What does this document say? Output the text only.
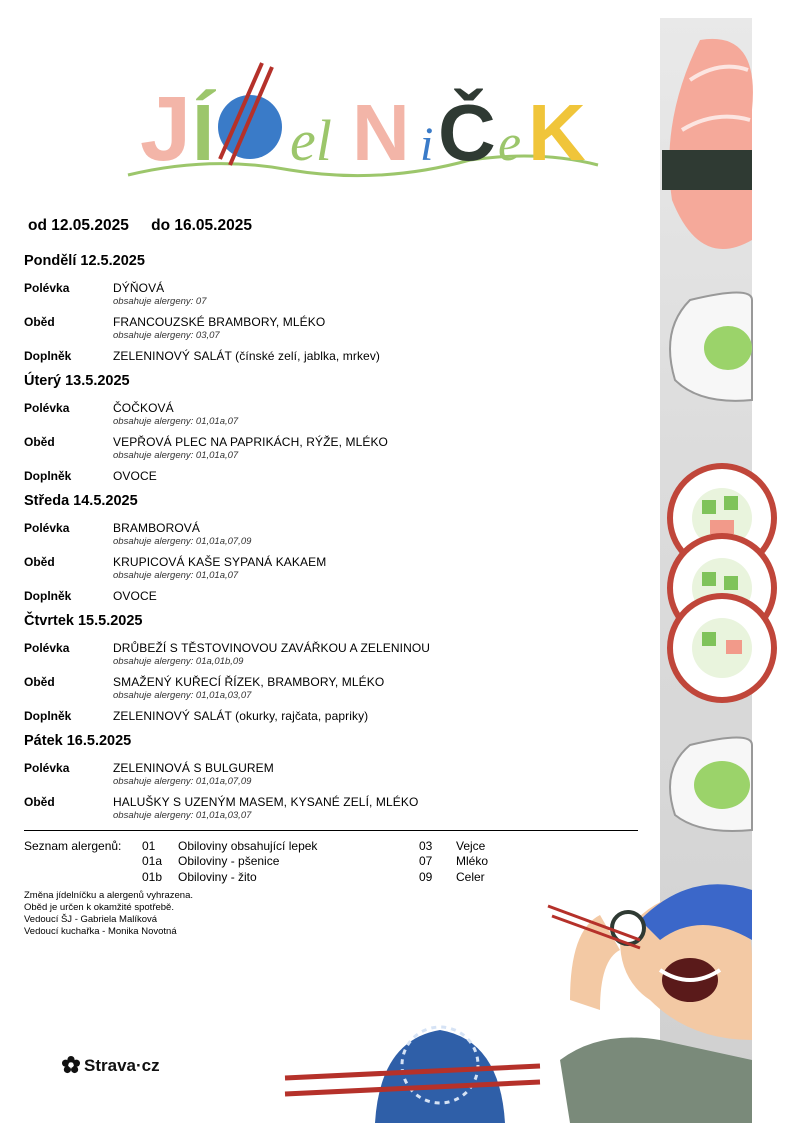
J Í el N i Č e K
od 12.05.2025 do 16.05.2025
Pondělí 12.5.2025
Polévka	DÝŇOVÁ
obsahuje alergeny: 07
Oběd	FRANCOUZSKÉ BRAMBORY, MLÉKO
obsahuje alergeny: 03,07
Doplněk	ZELENINOVÝ SALÁT (čínské zelí, jablka, mrkev)
Úterý 13.5.2025
Polévka	ČOČKOVÁ
obsahuje alergeny: 01,01a,07
Oběd	VEPŘOVÁ PLEC NA PAPRIKÁCH, RÝŽE, MLÉKO
obsahuje alergeny: 01,01a,07
Doplněk	OVOCE
Středa 14.5.2025
Polévka	BRAMBOROVÁ
obsahuje alergeny: 01,01a,07,09
Oběd	KRUPICOVÁ KAŠE SYPANÁ KAKAEM
obsahuje alergeny: 01,01a,07
Doplněk	OVOCE
Čtvrtek 15.5.2025
Polévka	DRŮBEŽÍ S TĚSTOVINOVOU ZAVÁŘKOU A ZELENINOU
obsahuje alergeny: 01a,01b,09
Oběd	SMAŽENÝ KUŘECÍ ŘÍZEK, BRAMBORY, MLÉKO
obsahuje alergeny: 01,01a,03,07
Doplněk	ZELENINOVÝ SALÁT (okurky, rajčata, papriky)
Pátek 16.5.2025
Polévka	ZELENINOVÁ S BULGUREM
obsahuje alergeny: 01,01a,07,09
Oběd	HALUŠKY S UZENÝM MASEM, KYSANÉ ZELÍ, MLÉKO
obsahuje alergeny: 01,01a,03,07
Seznam alergenů: 01 Obiloviny obsahující lepek
01a Obiloviny - pšenice
01b Obiloviny - žito
03 Vejce
07 Mléko
09 Celer
Změna jídelníčku a alergenů vyhrazena.
Oběd je určen k okamžité spotřebě.
Vedoucí ŠJ - Gabriela Malíková
Vedoucí kuchařka - Monika Novotná
Strava·cz
